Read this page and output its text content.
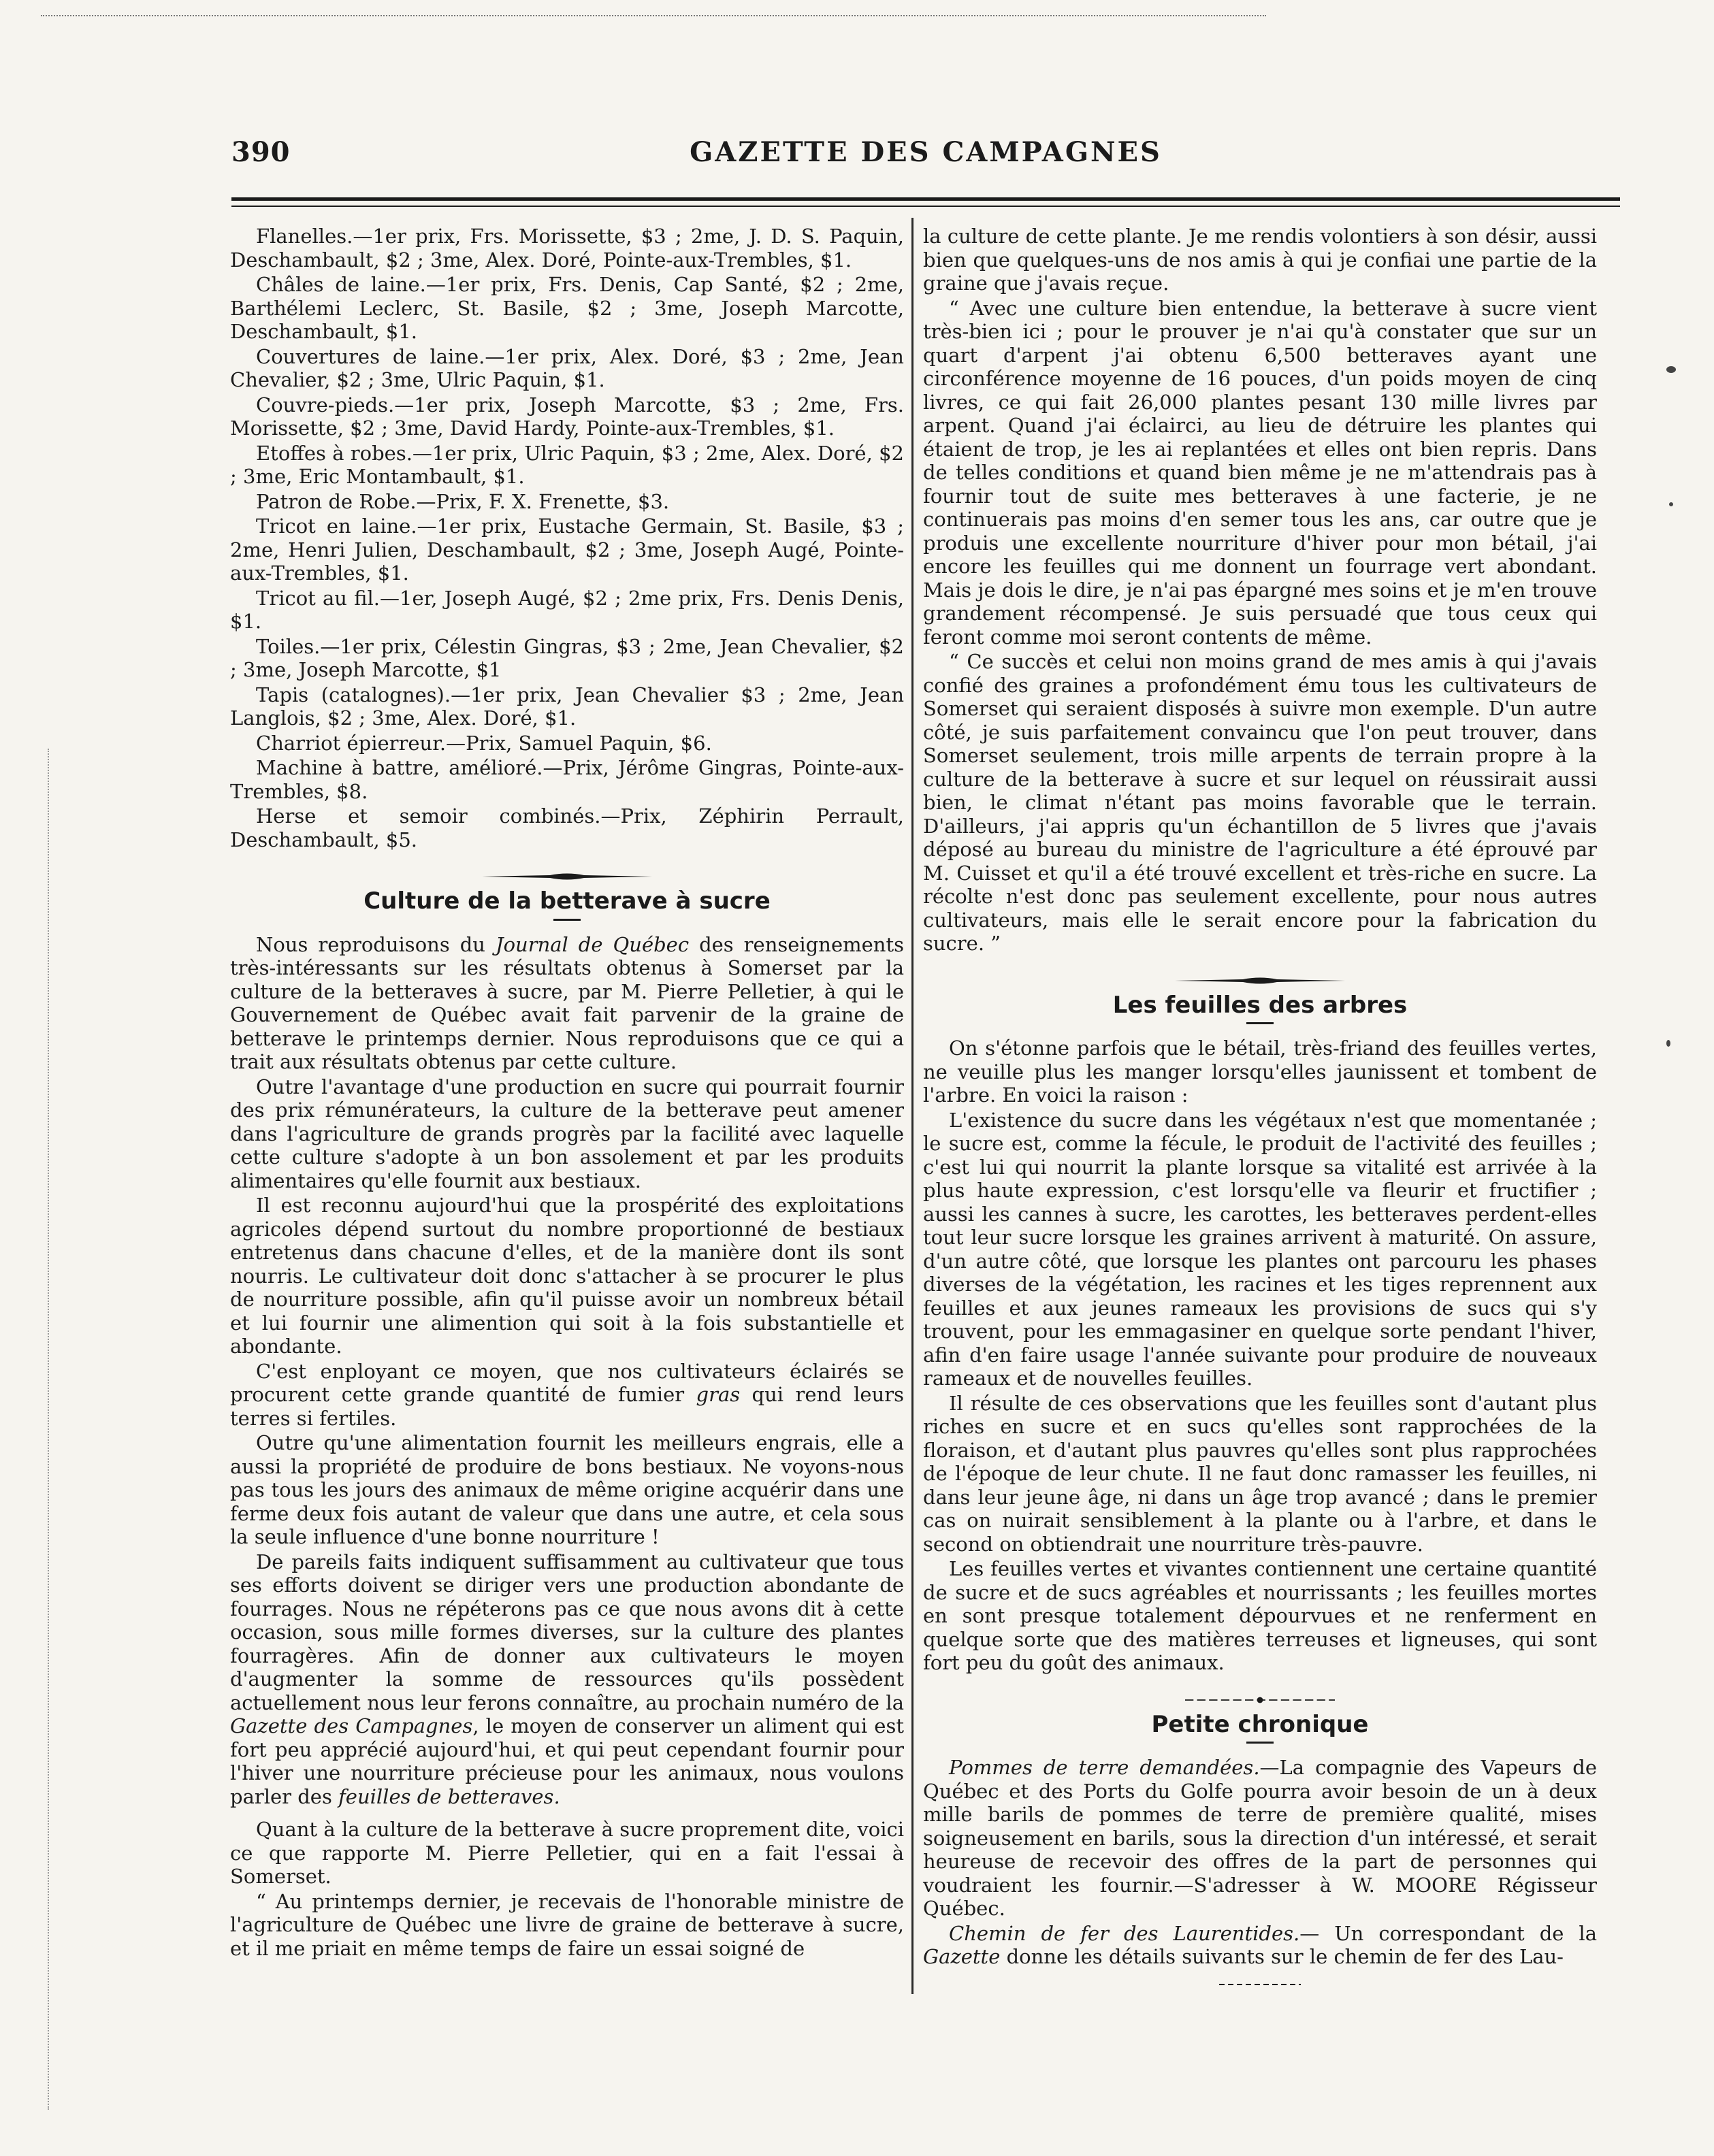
GAZETTE DES CAMPAGNES
390

Flanelles.—1er prix, Frs. Morissette, $3 ; 2me, J. D. S. Paquin, Deschambault, $2 ; 3me, Alex. Doré, Pointe-aux-Trembles, $1.

Châles de laine.—1er prix, Frs. Denis, Cap Santé, $2 ; 2me, Barthélemi Leclerc, St. Basile, $2 ; 3me, Joseph Marcotte, Deschambault, $1.

Couvertures de laine.—1er prix, Alex. Doré, $3 ; 2me, Jean Chevalier, $2 ; 3me, Ulric Paquin, $1.

Couvre-pieds.—1er prix, Joseph Marcotte, $3 ; 2me, Frs. Morissette, $2 ; 3me, David Hardy, Pointe-aux-Trembles, $1.

Etoffes à robes.—1er prix, Ulric Paquin, $3 ; 2me, Alex. Doré, $2 ; 3me, Eric Montambault, $1.

Patron de Robe.—Prix, F. X. Frenette, $3.

Tricot en laine.—1er prix, Eustache Germain, St. Basile, $3 ; 2me, Henri Julien, Deschambault, $2 ; 3me, Joseph Augé, Pointe-aux-Trembles, $1.

Tricot au fil.—1er, Joseph Augé, $2 ; 2me prix, Frs. Denis Denis, $1.

Toiles.—1er prix, Célestin Gingras, $3 ; 2me, Jean Chevalier, $2 ; 3me, Joseph Marcotte, $1

Tapis (catalognes).—1er prix, Jean Chevalier $3 ; 2me, Jean Langlois, $2 ; 3me, Alex. Doré, $1.

Charriot épierreur.—Prix, Samuel Paquin, $6.

Machine à battre, amélioré.—Prix, Jérôme Gingras, Pointe-aux-Trembles, $8.

Herse et semoir combinés.—Prix, Zéphirin Perrault, Deschambault, $5.

Culture de la betterave à sucre

Nous reproduisons du Journal de Québec des renseignements très-intéressants sur les résultats obtenus à Somerset par la culture de la betteraves à sucre, par M. Pierre Pelletier, à qui le Gouvernement de Québec avait fait parvenir de la graine de betterave le printemps dernier. Nous reproduisons que ce qui a trait aux résultats obtenus par cette culture.

Outre l'avantage d'une production en sucre qui pourrait fournir des prix rémunérateurs, la culture de la betterave peut amener dans l'agriculture de grands progrès par la facilité avec laquelle cette culture s'adopte à un bon assolement et par les produits alimentaires qu'elle fournit aux bestiaux.

Il est reconnu aujourd'hui que la prospérité des exploitations agricoles dépend surtout du nombre proportionné de bestiaux entretenus dans chacune d'elles, et de la manière dont ils sont nourris. Le cultivateur doit donc s'attacher à se procurer le plus de nourriture possible, afin qu'il puisse avoir un nombreux bétail et lui fournir une alimention qui soit à la fois substantielle et abondante.

C'est enployant ce moyen, que nos cultivateurs éclairés se procurent cette grande quantité de fumier gras qui rend leurs terres si fertiles.

Outre qu'une alimentation fournit les meilleurs engrais, elle a aussi la propriété de produire de bons bestiaux. Ne voyons-nous pas tous les jours des animaux de même origine acquérir dans une ferme deux fois autant de valeur que dans une autre, et cela sous la seule influence d'une bonne nourriture !

De pareils faits indiquent suffisamment au cultivateur que tous ses efforts doivent se diriger vers une production abondante de fourrages. Nous ne répéterons pas ce que nous avons dit à cette occasion, sous mille formes diverses, sur la culture des plantes fourragères. Afin de donner aux cultivateurs le moyen d'augmenter la somme de ressources qu'ils possèdent actuellement nous leur ferons connaître, au prochain numéro de la Gazette des Campagnes, le moyen de conserver un aliment qui est fort peu apprécié aujourd'hui, et qui peut cependant fournir pour l'hiver une nourriture précieuse pour les animaux, nous voulons parler des feuilles de betteraves.

Quant à la culture de la betterave à sucre proprement dite, voici ce que rapporte M. Pierre Pelletier, qui en a fait l'essai à Somerset.

“ Au printemps dernier, je recevais de l'honorable ministre de l'agriculture de Québec une livre de graine de betterave à sucre, et il me priait en même temps de faire un essai soigné de

la culture de cette plante. Je me rendis volontiers à son désir, aussi bien que quelques-uns de nos amis à qui je confiai une partie de la graine que j'avais reçue.

“ Avec une culture bien entendue, la betterave à sucre vient très-bien ici ; pour le prouver je n'ai qu'à constater que sur un quart d'arpent j'ai obtenu 6,500 betteraves ayant une circonférence moyenne de 16 pouces, d'un poids moyen de cinq livres, ce qui fait 26,000 plantes pesant 130 mille livres par arpent. Quand j'ai éclairci, au lieu de détruire les plantes qui étaient de trop, je les ai replantées et elles ont bien repris. Dans de telles conditions et quand bien même je ne m'attendrais pas à fournir tout de suite mes betteraves à une facterie, je ne continuerais pas moins d'en semer tous les ans, car outre que je produis une excellente nourriture d'hiver pour mon bétail, j'ai encore les feuilles qui me donnent un fourrage vert abondant. Mais je dois le dire, je n'ai pas épargné mes soins et je m'en trouve grandement récompensé. Je suis persuadé que tous ceux qui feront comme moi seront contents de même.

“ Ce succès et celui non moins grand de mes amis à qui j'avais confié des graines a profondément ému tous les cultivateurs de Somerset qui seraient disposés à suivre mon exemple. D'un autre côté, je suis parfaitement convaincu que l'on peut trouver, dans Somerset seulement, trois mille arpents de terrain propre à la culture de la betterave à sucre et sur lequel on réussirait aussi bien, le climat n'étant pas moins favorable que le terrain. D'ailleurs, j'ai appris qu'un échantillon de 5 livres que j'avais déposé au bureau du ministre de l'agriculture a été éprouvé par M. Cuisset et qu'il a été trouvé excellent et très-riche en sucre. La récolte n'est donc pas seulement excellente, pour nous autres cultivateurs, mais elle le serait encore pour la fabrication du sucre. ”

Les feuilles des arbres

On s'étonne parfois que le bétail, très-friand des feuilles vertes, ne veuille plus les manger lorsqu'elles jaunissent et tombent de l'arbre. En voici la raison :

L'existence du sucre dans les végétaux n'est que momentanée ; le sucre est, comme la fécule, le produit de l'activité des feuilles ; c'est lui qui nourrit la plante lorsque sa vitalité est arrivée à la plus haute expression, c'est lorsqu'elle va fleurir et fructifier ; aussi les cannes à sucre, les carottes, les betteraves perdent-elles tout leur sucre lorsque les graines arrivent à maturité. On assure, d'un autre côté, que lorsque les plantes ont parcouru les phases diverses de la végétation, les racines et les tiges reprennent aux feuilles et aux jeunes rameaux les provisions de sucs qui s'y trouvent, pour les emmagasiner en quelque sorte pendant l'hiver, afin d'en faire usage l'année suivante pour produire de nouveaux rameaux et de nouvelles feuilles.

Il résulte de ces observations que les feuilles sont d'autant plus riches en sucre et en sucs qu'elles sont rapprochées de la floraison, et d'autant plus pauvres qu'elles sont plus rapprochées de l'époque de leur chute. Il ne faut donc ramasser les feuilles, ni dans leur jeune âge, ni dans un âge trop avancé ; dans le premier cas on nuirait sensiblement à la plante ou à l'arbre, et dans le second on obtiendrait une nourriture très-pauvre.

Les feuilles vertes et vivantes contiennent une certaine quantité de sucre et de sucs agréables et nourrissants ; les feuilles mortes en sont presque totalement dépourvues et ne renferment en quelque sorte que des matières terreuses et ligneuses, qui sont fort peu du goût des animaux.

Petite chronique

Pommes de terre demandées.—La compagnie des Vapeurs de Québec et des Ports du Golfe pourra avoir besoin de un à deux mille barils de pommes de terre de première qualité, mises soigneusement en barils, sous la direction d'un intéressé, et serait heureuse de recevoir des offres de la part de personnes qui voudraient les fournir.—S'adresser à W. MOORE Régisseur Québec.

Chemin de fer des Laurentides.— Un correspondant de la Gazette donne les détails suivants sur le chemin de fer des Lau-
